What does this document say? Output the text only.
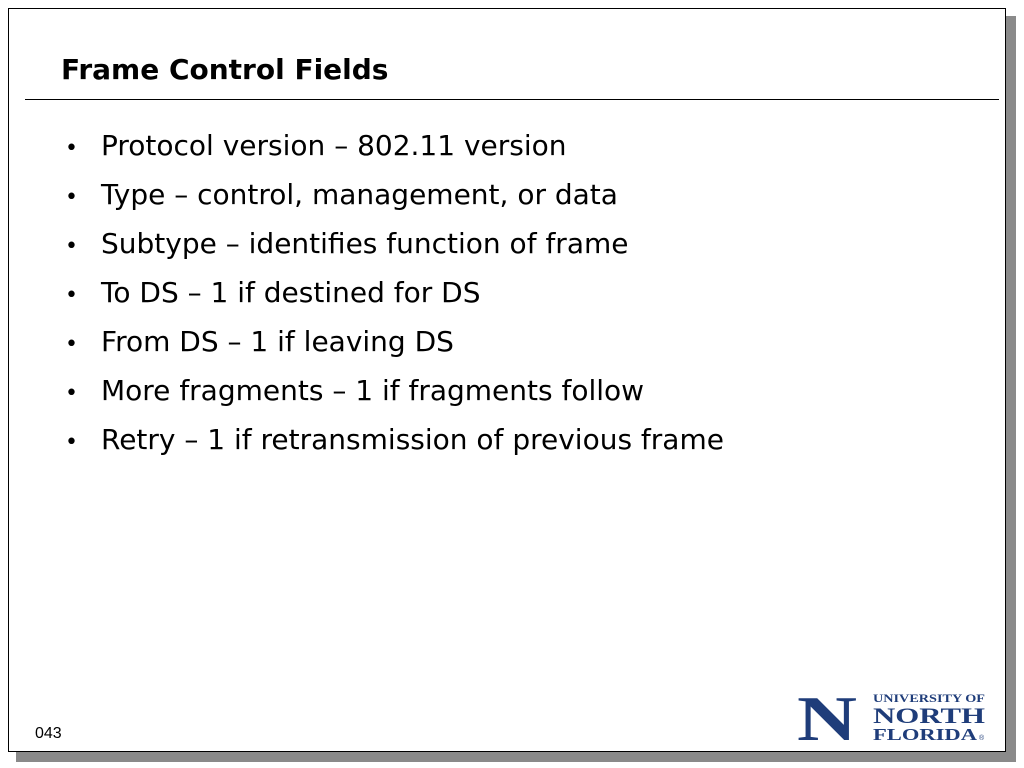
Frame Control Fields
• Protocol version – 802.11 version
• Type – control, management, or data
• Subtype – identifies function of frame
• To DS – 1 if destined for DS
• From DS – 1 if leaving DS
• More fragments – 1 if fragments follow
• Retry – 1 if retransmission of previous frame
043	N UNIVERSITY OF
NORTH
FLORIDA ®
